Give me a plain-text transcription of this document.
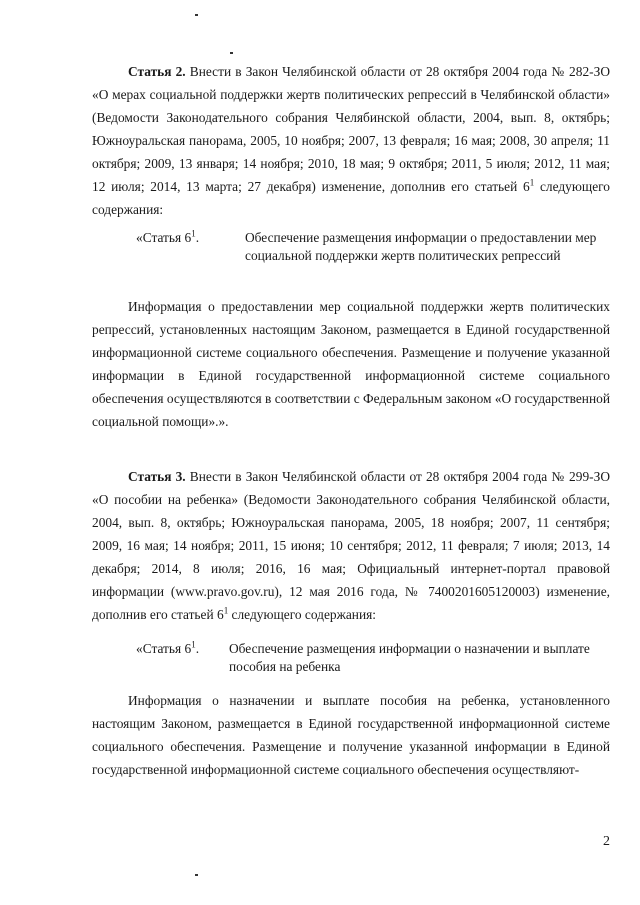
Статья 2. Внести в Закон Челябинской области от 28 октября 2004 года № 282-ЗО «О мерах социальной поддержки жертв политических репрессий в Челябинской области» (Ведомости Законодательного собрания Челябинской области, 2004, вып. 8, октябрь; Южноуральская панорама, 2005, 10 ноября; 2007, 13 февраля; 16 мая; 2008, 30 апреля; 11 октября; 2009, 13 января; 14 ноября; 2010, 18 мая; 9 октября; 2011, 5 июля; 2012, 11 мая; 12 июля; 2014, 13 марта; 27 декабря) изменение, дополнив его статьей $6^1$ следующего содержания:

«Статья $6^1$.	Обеспечение размещения информации о предоставлении мер социальной поддержки жертв политических репрессий

Информация о предоставлении мер социальной поддержки жертв политических репрессий, установленных настоящим Законом, размещается в Единой государственной информационной системе социального обеспечения. Размещение и получение указанной информации в Единой государственной информационной системе социального обеспечения осуществляются в соответствии с Федеральным законом «О государственной социальной помощи».».

Статья 3. Внести в Закон Челябинской области от 28 октября 2004 года № 299-ЗО «О пособии на ребенка» (Ведомости Законодательного собрания Челябинской области, 2004, вып. 8, октябрь; Южноуральская панорама, 2005, 18 ноября; 2007, 11 сентября; 2009, 16 мая; 14 ноября; 2011, 15 июня; 10 сентября; 2012, 11 февраля; 7 июля; 2013, 14 декабря; 2014, 8 июля; 2016, 16 мая; Официальный интернет-портал правовой информации (www.pravo.gov.ru), 12 мая 2016 года, № 7400201605120003) изменение, дополнив его статьей $6^1$ следующего содержания:

«Статья $6^1$. Обеспечение размещения информации о назначении и выплате пособия на ребенка

Информация о назначении и выплате пособия на ребенка, установленного настоящим Законом, размещается в Единой государственной информационной системе социального обеспечения. Размещение и получение указанной информации в Единой государственной информационной системе социального обеспечения осуществляют-

2
